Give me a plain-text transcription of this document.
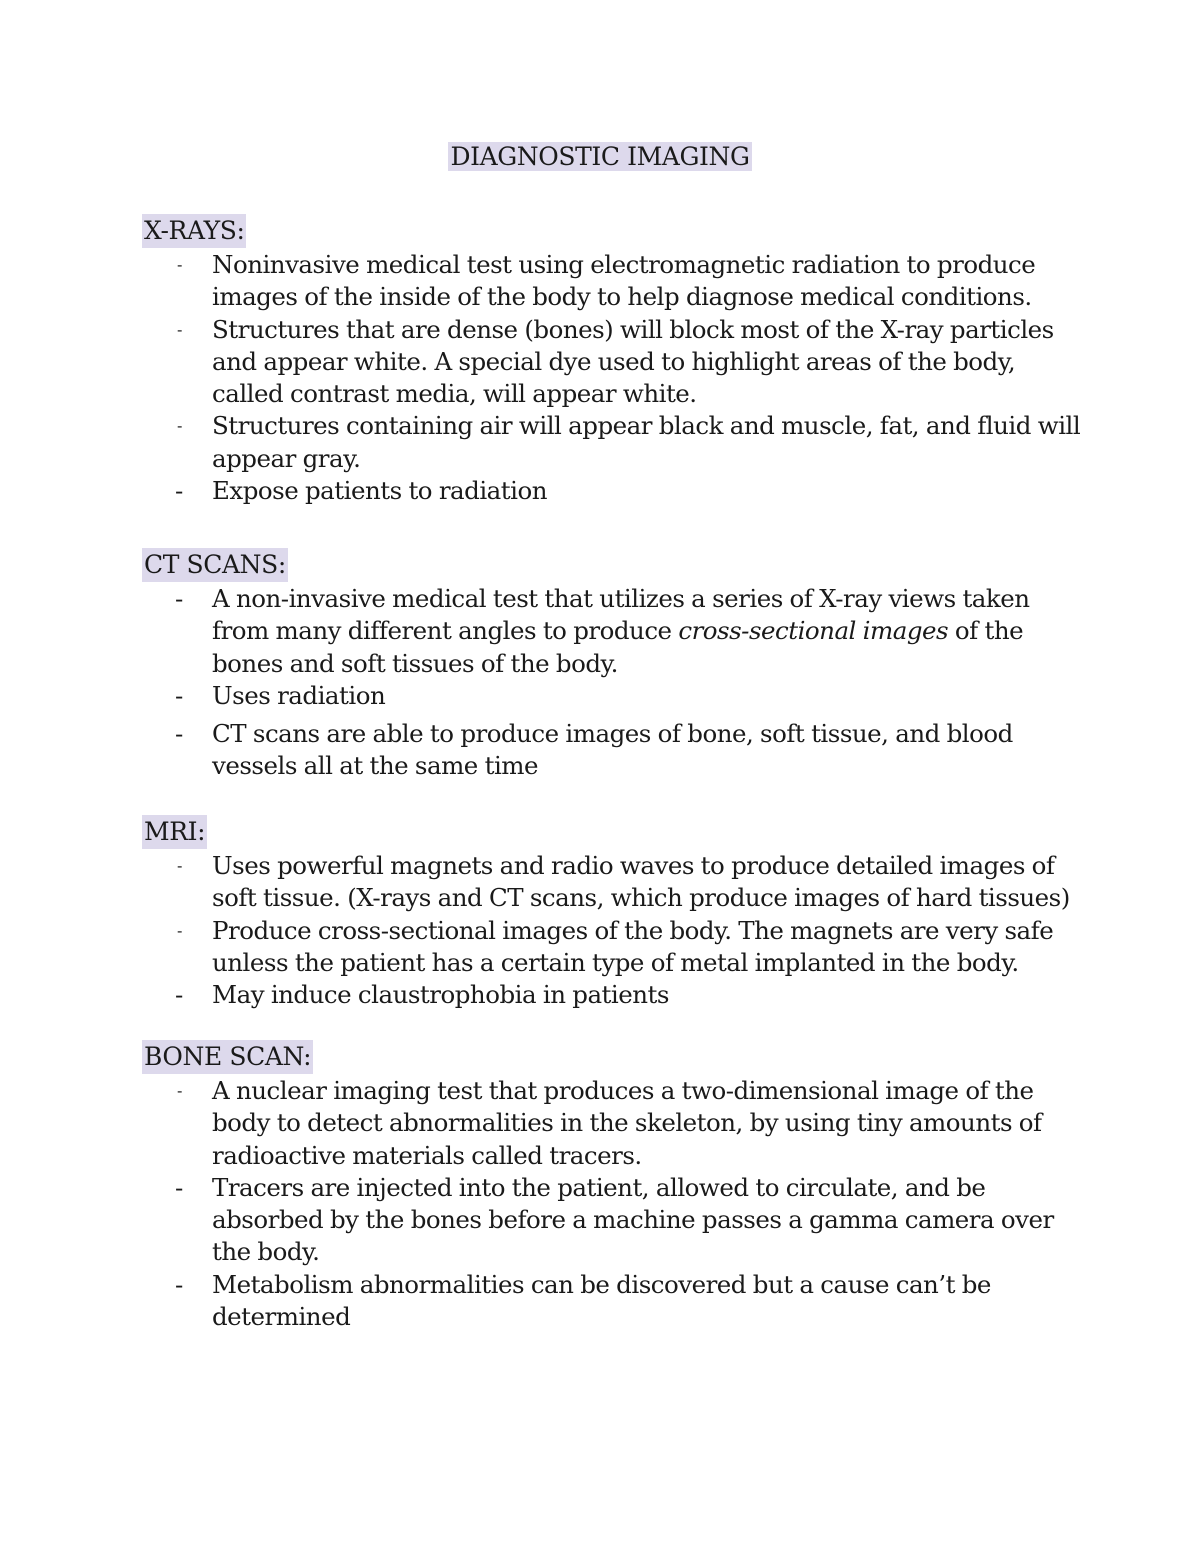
DIAGNOSTIC IMAGING
X-RAYS:
- Noninvasive medical test using electromagnetic radiation to produce images of the inside of the body to help diagnose medical conditions.
- Structures that are dense (bones) will block most of the X-ray particles and appear white. A special dye used to highlight areas of the body, called contrast media, will appear white.
- Structures containing air will appear black and muscle, fat, and fluid will appear gray.
- Expose patients to radiation
CT SCANS:
- A non-invasive medical test that utilizes a series of X-ray views taken from many different angles to produce cross-sectional images of the bones and soft tissues of the body.
- Uses radiation
- CT scans are able to produce images of bone, soft tissue, and blood vessels all at the same time
MRI:
- Uses powerful magnets and radio waves to produce detailed images of soft tissue. (X-rays and CT scans, which produce images of hard tissues)
- Produce cross-sectional images of the body. The magnets are very safe unless the patient has a certain type of metal implanted in the body.
- May induce claustrophobia in patients
BONE SCAN:
- A nuclear imaging test that produces a two-dimensional image of the body to detect abnormalities in the skeleton, by using tiny amounts of radioactive materials called tracers.
- Tracers are injected into the patient, allowed to circulate, and be absorbed by the bones before a machine passes a gamma camera over the body.
- Metabolism abnormalities can be discovered but a cause can’t be determined
